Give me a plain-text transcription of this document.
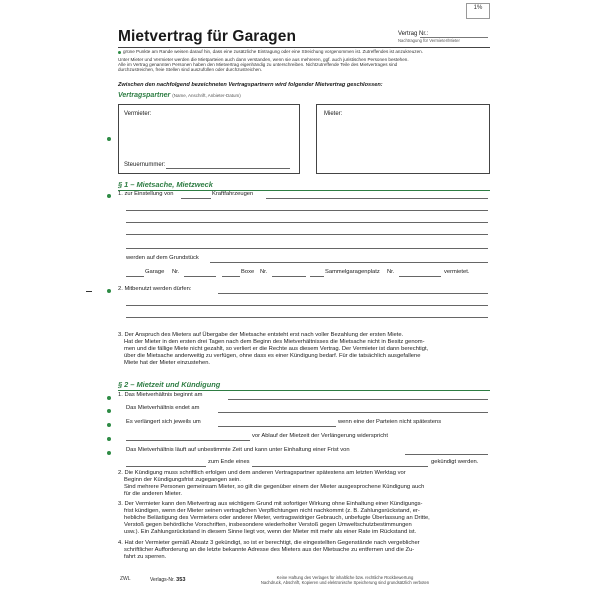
1%
Mietvertrag für Garagen	Vertrag Nr.:
Nachtragung für Vermieter/Mieter
grüne Punkte am Rande weisen darauf hin, dass eine zusätzliche Eintragung oder eine Streichung vorgenommen ist. Zutreffendes ist anzukreuzen.
Unter Mieter und Vermieter werden die Mietparteien auch dann verstanden, wenn sie aus mehreren, ggf. auch juristischen Personen bestehen.
Alle im Vertrag genannten Personen haben den Mietvertrag eigenhändig zu unterschreiben. Nichtzutreffende Teile des Mietvertrages sind
durchzustreichen, freie Stellen sind auszufüllen oder durchzustreichen.
Zwischen den nachfolgend bezeichneten Vertragspartnern wird folgender Mietvertrag geschlossen:
Vertragspartner (Name, Anschrift, Anbieter-Datum)
Vermieter:
Steuernummer:
Mieter:
§ 1 – Mietsache, Mietzweck
1. zur Einstellung von	Kraftfahrzeugen
werden auf dem Grundstück
Garage Nr.	Boxe Nr.	Sammelgaragenplatz Nr.	vermietet.
2. Mitbenutzt werden dürfen:
3. Der Anspruch des Mieters auf Übergabe der Mietsache entsteht erst nach voller Bezahlung der ersten Miete.
Hat der Mieter in den ersten drei Tagen nach dem Beginn des Mietverhältnisses die Mietsache nicht in Besitz genom-
men und die fällige Miete nicht gezahlt, so verliert er die Rechte aus diesem Vertrag. Der Vermieter ist dann berechtigt,
über die Mietsache anderweitig zu verfügen, ohne dass es einer Kündigung bedarf. Für die tatsächlich ausgefallene
Miete hat der Mieter einzustehen.
§ 2 – Mietzeit und Kündigung
1. Das Mietverhältnis beginnt am
Das Mietverhältnis endet am
Es verlängert sich jeweils um	wenn eine der Parteien nicht spätestens
vor Ablauf der Mietzeit der Verlängerung widerspricht
Das Mietverhältnis läuft auf unbestimmte Zeit und kann unter Einhaltung einer Frist von
zum Ende eines	gekündigt werden.
2. Die Kündigung muss schriftlich erfolgen und dem anderen Vertragspartner spätestens am letzten Werktag vor
Beginn der Kündigungsfrist zugegangen sein.
Sind mehrere Personen gemeinsam Mieter, so gilt die gegenüber einem der Mieter ausgesprochene Kündigung auch
für die anderen Mieter.
3. Der Vermieter kann den Mietvertrag aus wichtigem Grund mit sofortiger Wirkung ohne Einhaltung einer Kündigungs-
frist kündigen, wenn der Mieter seinen vertraglichen Verpflichtungen nicht nachkommt (z. B. Zahlungsrückstand, er-
hebliche Belästigung des Vermieters oder anderer Mieter, vertragswidriger Gebrauch, unbefugte Überlassung an Dritte,
Verstoß gegen behördliche Vorschriften, insbesondere wiederholter Verstoß gegen Umweltschutzbestimmungen
usw.). Ein Zahlungsrückstand in diesem Sinne liegt vor, wenn der Mieter mit mehr als einer Rate im Rückstand ist.
4. Hat der Vermieter gemäß Absatz 3 gekündigt, so ist er berechtigt, die eingestellten Gegenstände nach vergeblicher
schriftlicher Aufforderung an die letzte bekannte Adresse des Mieters aus der Mietsache zu entfernen und die Zu-
fahrt zu sperren.
ZWL	Verlags-Nr. 353	Keine Haftung des Verlages für inhaltliche bzw. rechtliche Rückbewertung
Nachdruck, Abschrift, Kopieren und elektronische Speicherung sind grundsätzlich verboten
